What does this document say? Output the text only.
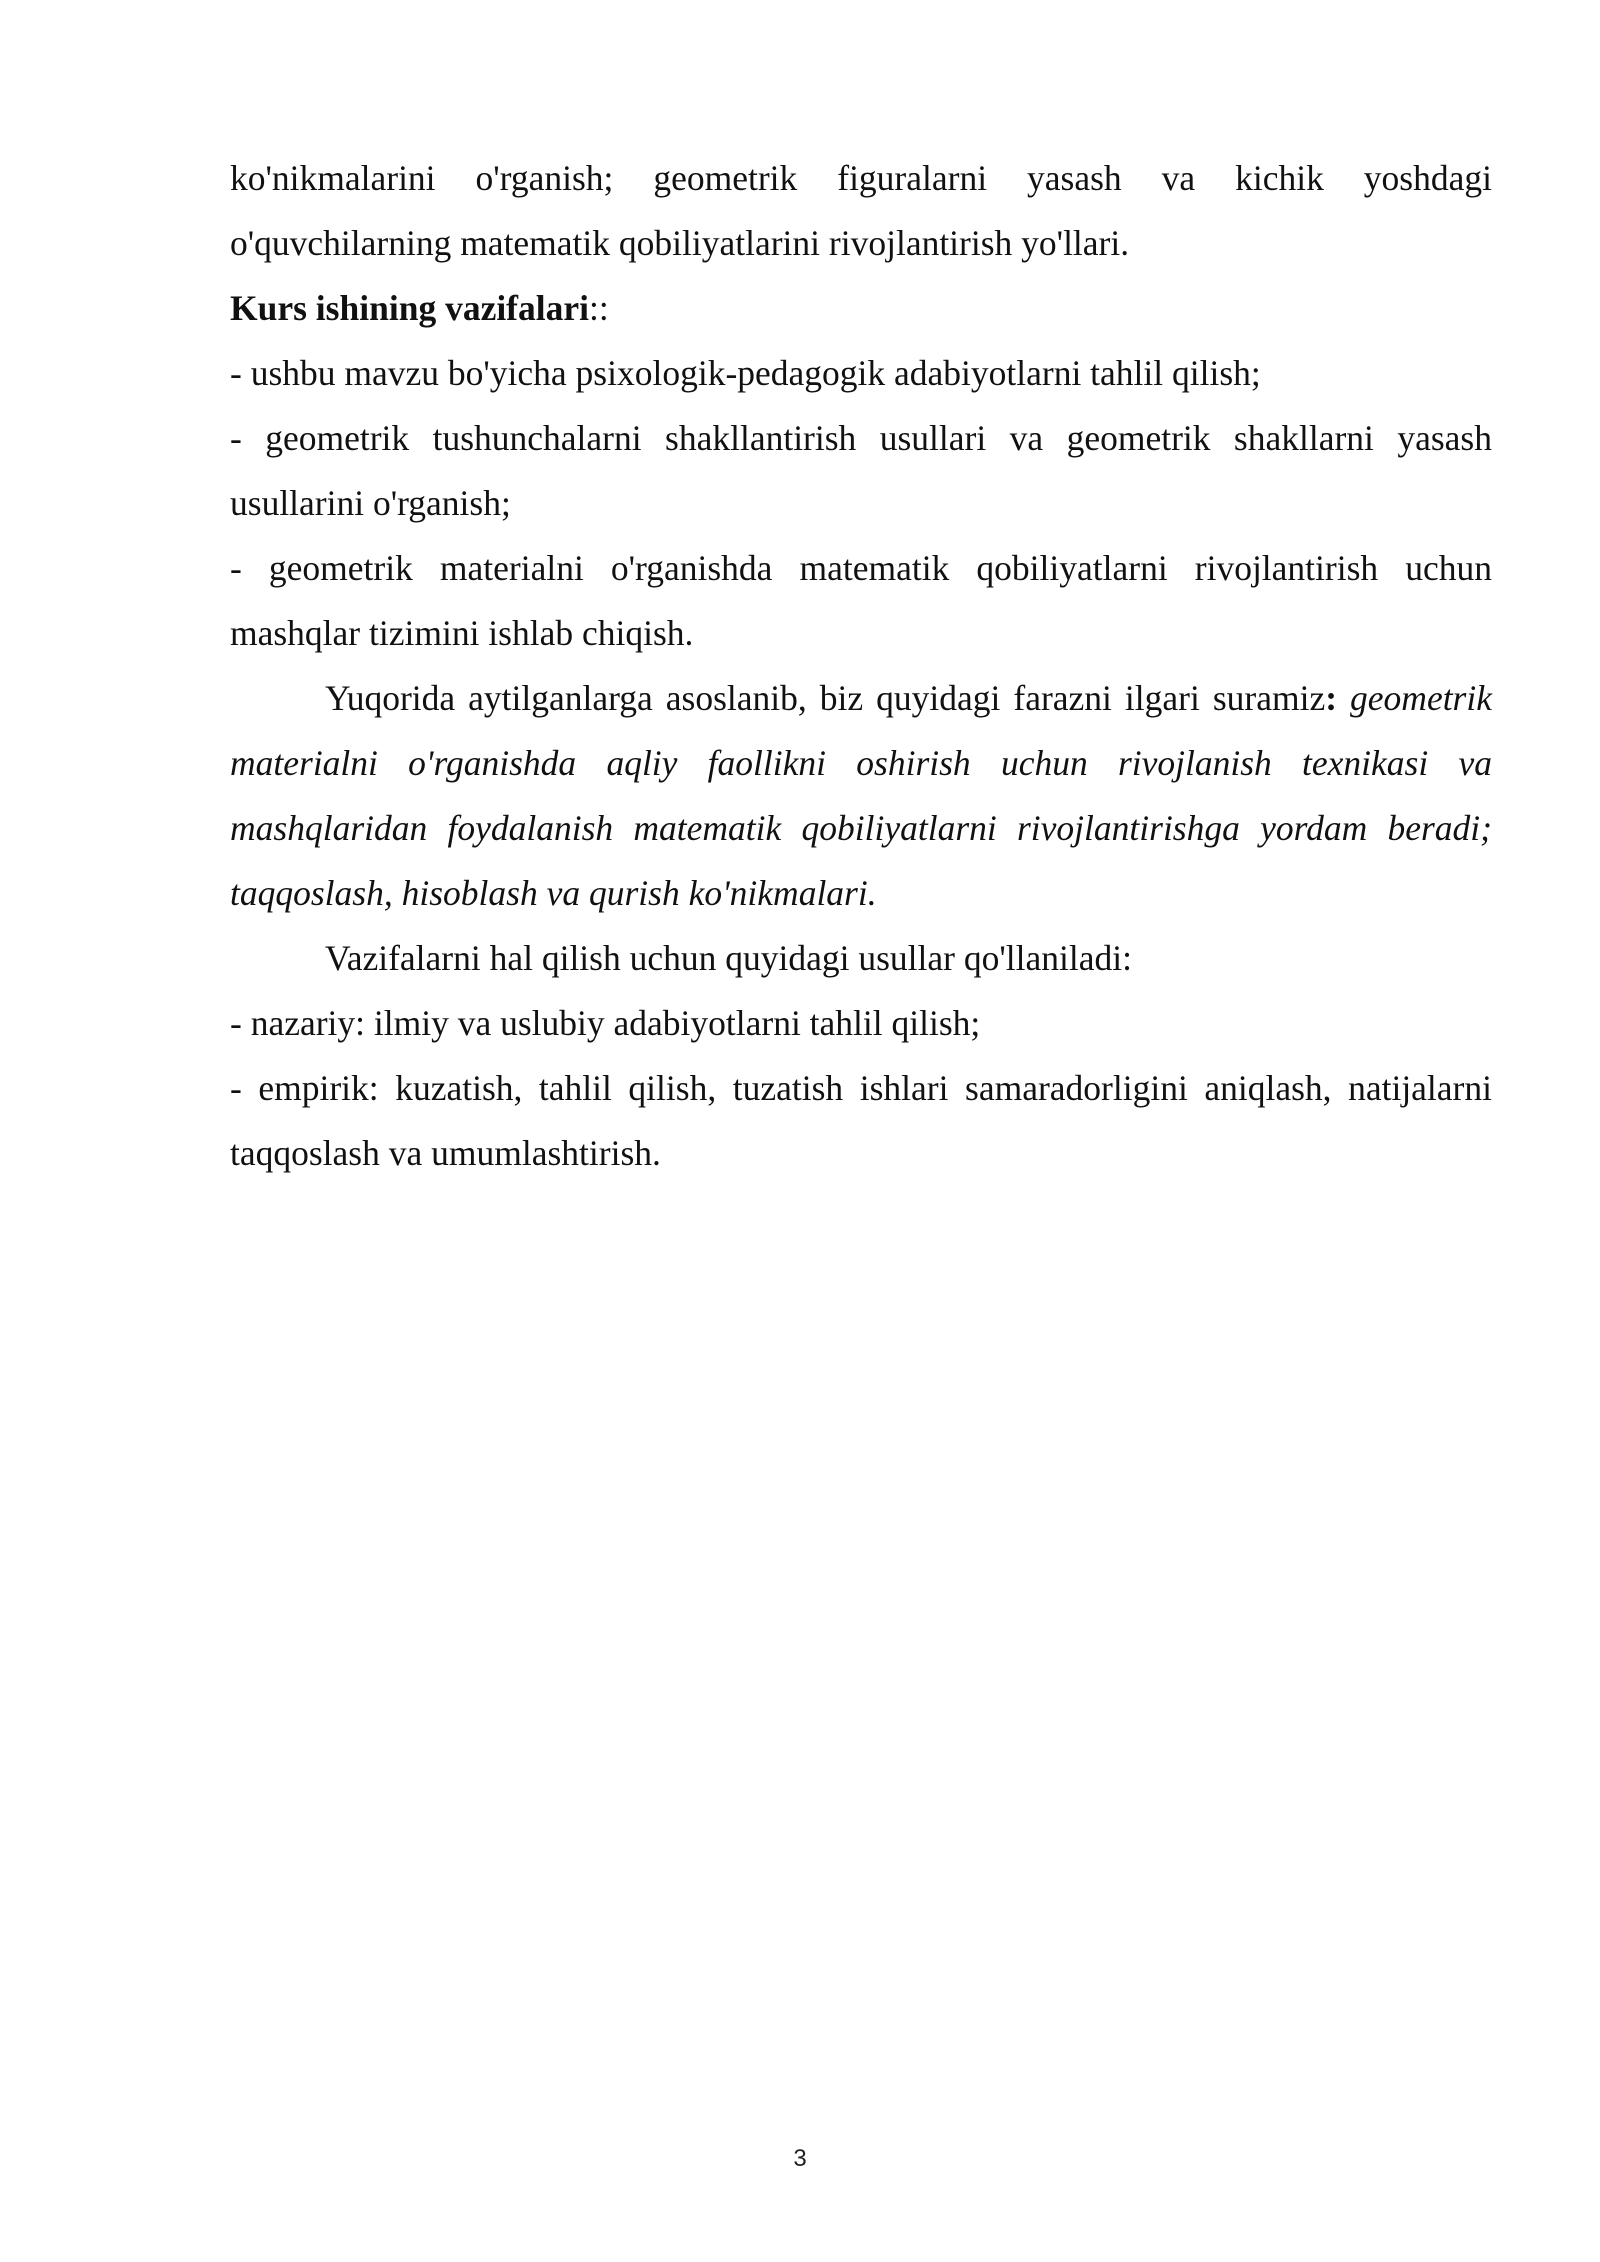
ko'nikmalarini o'rganish; geometrik figuralarni yasash va kichik yoshdagi o'quvchilarning matematik qobiliyatlarini rivojlantirish yo'llari.

Kurs ishining vazifalari::

- ushbu mavzu bo'yicha psixologik-pedagogik adabiyotlarni tahlil qilish;

- geometrik tushunchalarni shakllantirish usullari va geometrik shakllarni yasash usullarini o'rganish;

- geometrik materialni o'rganishda matematik qobiliyatlarni rivojlantirish uchun mashqlar tizimini ishlab chiqish.

Yuqorida aytilganlarga asoslanib, biz quyidagi farazni ilgari suramiz: geometrik materialni o'rganishda aqliy faollikni oshirish uchun rivojlanish texnikasi va mashqlaridan foydalanish matematik qobiliyatlarni rivojlantirishga yordam beradi; taqqoslash, hisoblash va qurish ko'nikmalari.

Vazifalarni hal qilish uchun quyidagi usullar qo'llaniladi:

- nazariy: ilmiy va uslubiy adabiyotlarni tahlil qilish;

- empirik: kuzatish, tahlil qilish, tuzatish ishlari samaradorligini aniqlash, natijalarni taqqoslash va umumlashtirish.

3
